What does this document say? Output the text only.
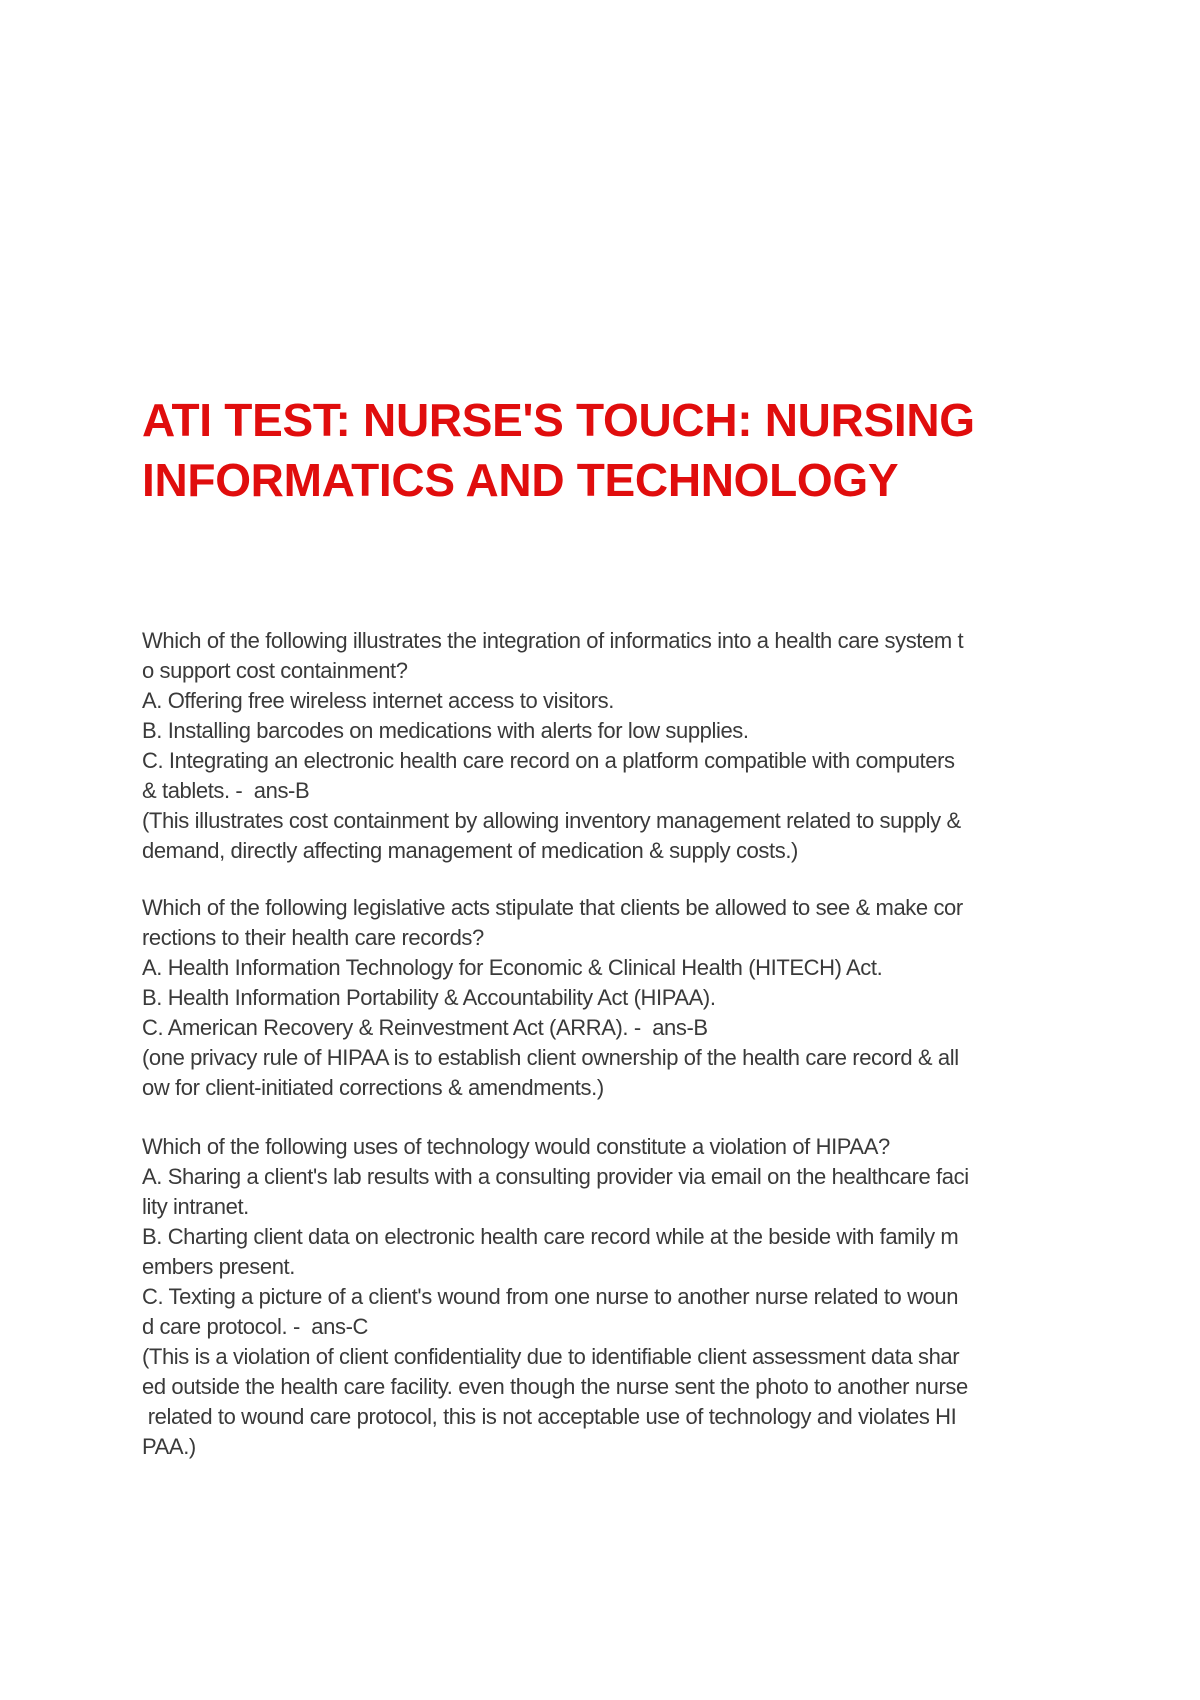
ATI TEST: NURSE'S TOUCH: NURSING
INFORMATICS AND TECHNOLOGY
Which of the following illustrates the integration of informatics into a health care system t
o support cost containment?
A. Offering free wireless internet access to visitors.
B. Installing barcodes on medications with alerts for low supplies.
C. Integrating an electronic health care record on a platform compatible with computers
& tablets. -  ans-B
(This illustrates cost containment by allowing inventory management related to supply &
demand, directly affecting management of medication & supply costs.)
Which of the following legislative acts stipulate that clients be allowed to see & make cor
rections to their health care records?
A. Health Information Technology for Economic & Clinical Health (HITECH) Act.
B. Health Information Portability & Accountability Act (HIPAA).
C. American Recovery & Reinvestment Act (ARRA). -  ans-B
(one privacy rule of HIPAA is to establish client ownership of the health care record & all
ow for client-initiated corrections & amendments.)
Which of the following uses of technology would constitute a violation of HIPAA?
A. Sharing a client's lab results with a consulting provider via email on the healthcare faci
lity intranet.
B. Charting client data on electronic health care record while at the beside with family m
embers present.
C. Texting a picture of a client's wound from one nurse to another nurse related to woun
d care protocol. -  ans-C
(This is a violation of client confidentiality due to identifiable client assessment data shar
ed outside the health care facility. even though the nurse sent the photo to another nurse
related to wound care protocol, this is not acceptable use of technology and violates HI
PAA.)
